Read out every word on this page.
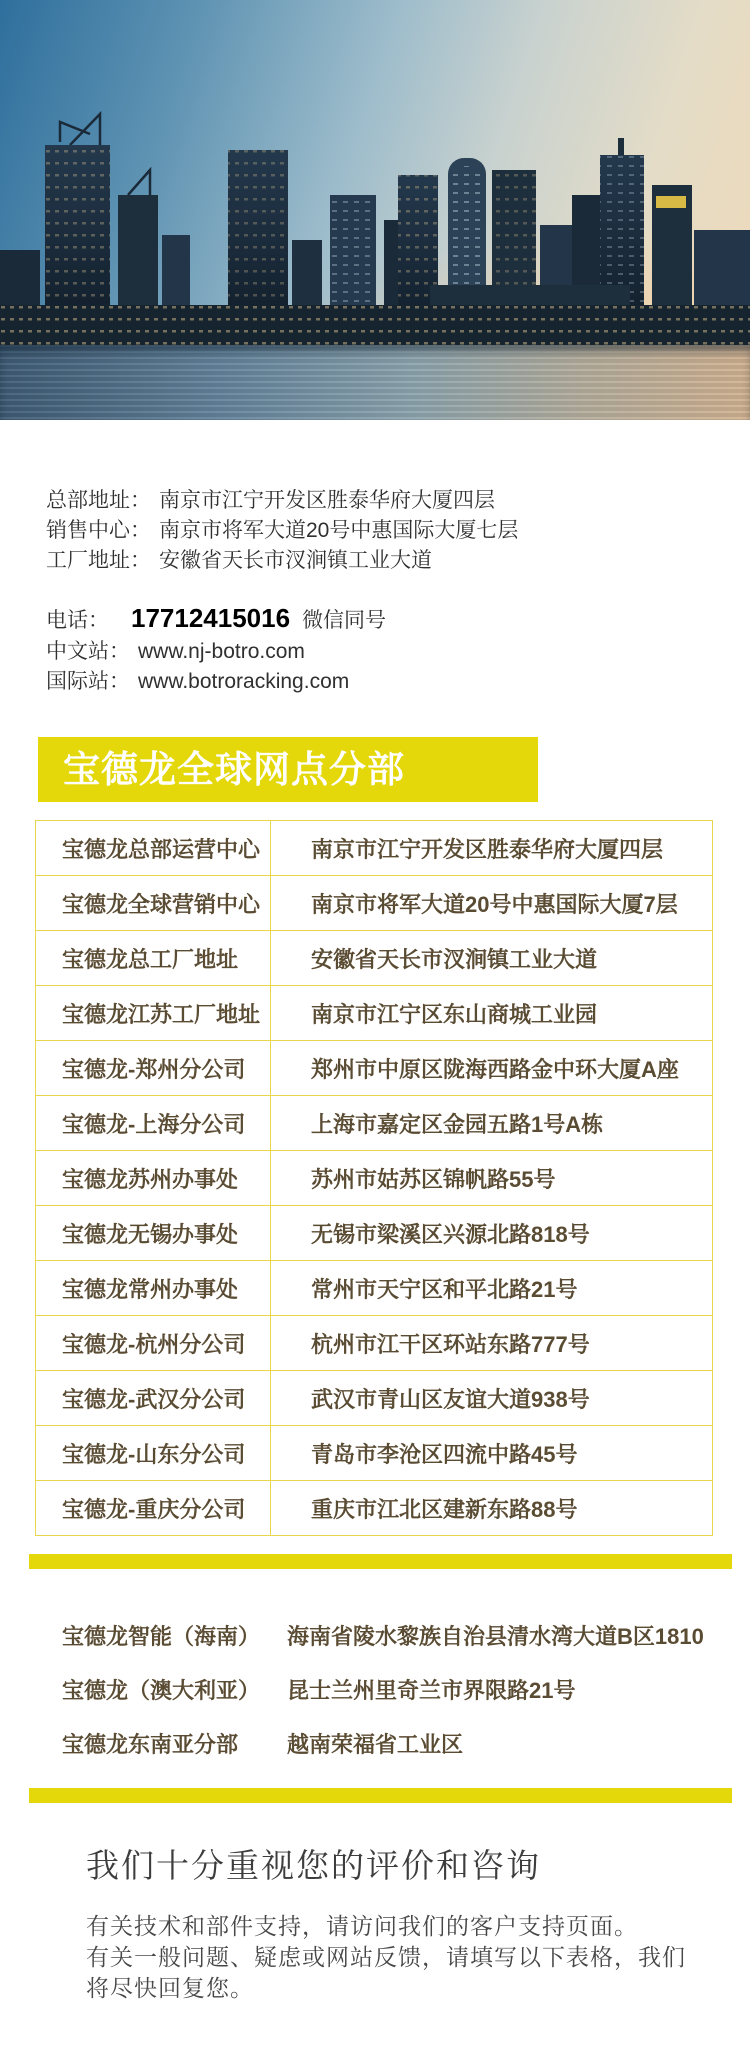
总部地址： 南京市江宁开发区胜泰华府大厦四层
销售中心： 南京市将军大道20号中惠国际大厦七层
工厂地址： 安徽省天长市汊涧镇工业大道
电话： 17712415016 微信同号
中文站： www.nj-botro.com
国际站： www.botroracking.com
宝德龙全球网点分部
宝德龙总部运营中心	南京市江宁开发区胜泰华府大厦四层
宝德龙全球营销中心	南京市将军大道20号中惠国际大厦7层
宝德龙总工厂地址	安徽省天长市汊涧镇工业大道
宝德龙江苏工厂地址	南京市江宁区东山商城工业园
宝德龙-郑州分公司	郑州市中原区陇海西路金中环大厦A座
宝德龙-上海分公司	上海市嘉定区金园五路1号A栋
宝德龙苏州办事处	苏州市姑苏区锦帆路55号
宝德龙无锡办事处	无锡市梁溪区兴源北路818号
宝德龙常州办事处	常州市天宁区和平北路21号
宝德龙-杭州分公司	杭州市江干区环站东路777号
宝德龙-武汉分公司	武汉市青山区友谊大道938号
宝德龙-山东分公司	青岛市李沧区四流中路45号
宝德龙-重庆分公司	重庆市江北区建新东路88号
宝德龙智能（海南）	海南省陵水黎族自治县清水湾大道B区1810
宝德龙（澳大利亚）	昆士兰州里奇兰市界限路21号
宝德龙东南亚分部	越南荣福省工业区
我们十分重视您的评价和咨询

有关技术和部件支持，请访问我们的客户支持页面。

有关一般问题、疑虑或网站反馈，请填写以下表格，我们

将尽快回复您。
